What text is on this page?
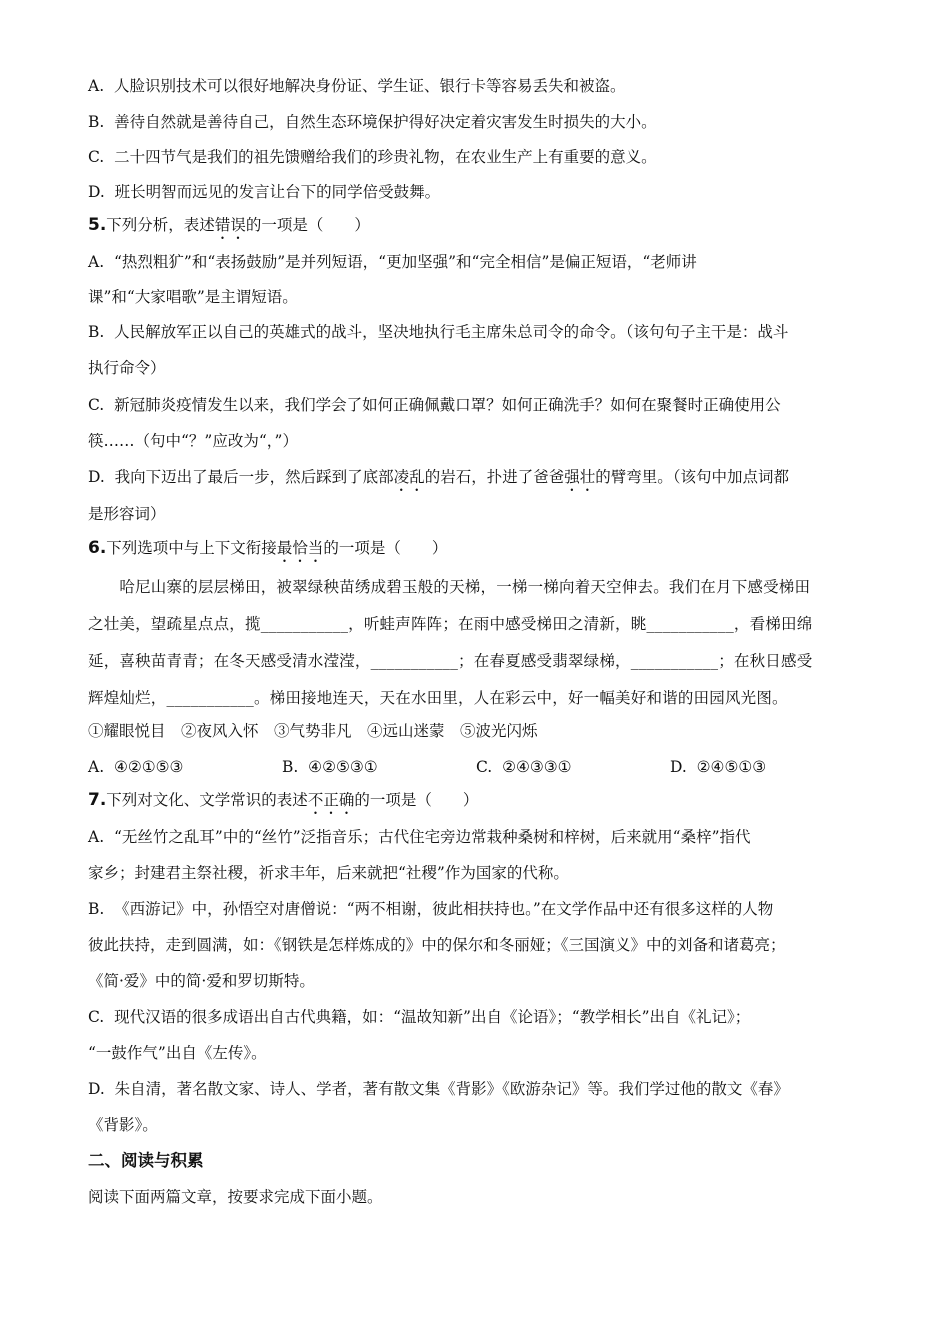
A.  人脸识别技术可以很好地解决身份证、学生证、银行卡等容易丢失和被盗。
B.  善待自然就是善待自己，自然生态环境保护得好决定着灾害发生时损失的大小。
C.  二十四节气是我们的祖先馈赠给我们的珍贵礼物，在农业生产上有重要的意义。
D.  班长明智而远见的发言让台下的同学倍受鼓舞。
5.下列分析，表述错误的一项是（　　）
A.  “热烈粗犷”和“表扬鼓励”是并列短语，“更加坚强”和“完全相信”是偏正短语，“老师讲
课”和“大家唱歌”是主谓短语。
B.  人民解放军正以自己的英雄式的战斗，坚决地执行毛主席朱总司令的命令。（该句句子主干是：战斗
执行命令）
C.  新冠肺炎疫情发生以来，我们学会了如何正确佩戴口罩？如何正确洗手？如何在聚餐时正确使用公
筷……（句中“？”应改为“，”）
D.  我向下迈出了最后一步，然后踩到了底部凌乱的岩石，扑进了爸爸强壮的臂弯里。（该句中加点词都
是形容词）
6.下列选项中与上下文衔接最恰当的一项是（　　）
　　哈尼山寨的层层梯田，被翠绿秧苗绣成碧玉般的天梯，一梯一梯向着天空伸去。我们在月下感受梯田
之壮美，望疏星点点，揽___________，听蛙声阵阵；在雨中感受梯田之清新，眺___________，看梯田绵
延，喜秧苗青青；在冬天感受清水滢滢，___________；在春夏感受翡翠绿梯，___________；在秋日感受
辉煌灿烂，___________。梯田接地连天，天在水田里，人在彩云中，好一幅美好和谐的田园风光图。
①耀眼悦目　②夜风入怀　③气势非凡　④远山迷蒙　⑤波光闪烁
A.  ④②①⑤③	B.  ④②⑤③①	C.  ②④③③①	D.  ②④⑤①③
7.下列对文化、文学常识的表述不正确的一项是（　　）
A.  “无丝竹之乱耳”中的“丝竹”泛指音乐；古代住宅旁边常栽种桑树和梓树，后来就用“桑梓”指代
家乡；封建君主祭社稷，祈求丰年，后来就把“社稷”作为国家的代称。
B.  《西游记》中，孙悟空对唐僧说：“两不相谢，彼此相扶持也。”在文学作品中还有很多这样的人物
彼此扶持，走到圆满，如：《钢铁是怎样炼成的》中的保尔和冬丽娅；《三国演义》中的刘备和诸葛亮；
《简·爱》中的简·爱和罗切斯特。
C.  现代汉语的很多成语出自古代典籍，如：“温故知新”出自《论语》；“教学相长”出自《礼记》；
“一鼓作气”出自《左传》。
D.  朱自清，著名散文家、诗人、学者，著有散文集《背影》《欧游杂记》等。我们学过他的散文《春》
《背影》。
二、阅读与积累
阅读下面两篇文章，按要求完成下面小题。
